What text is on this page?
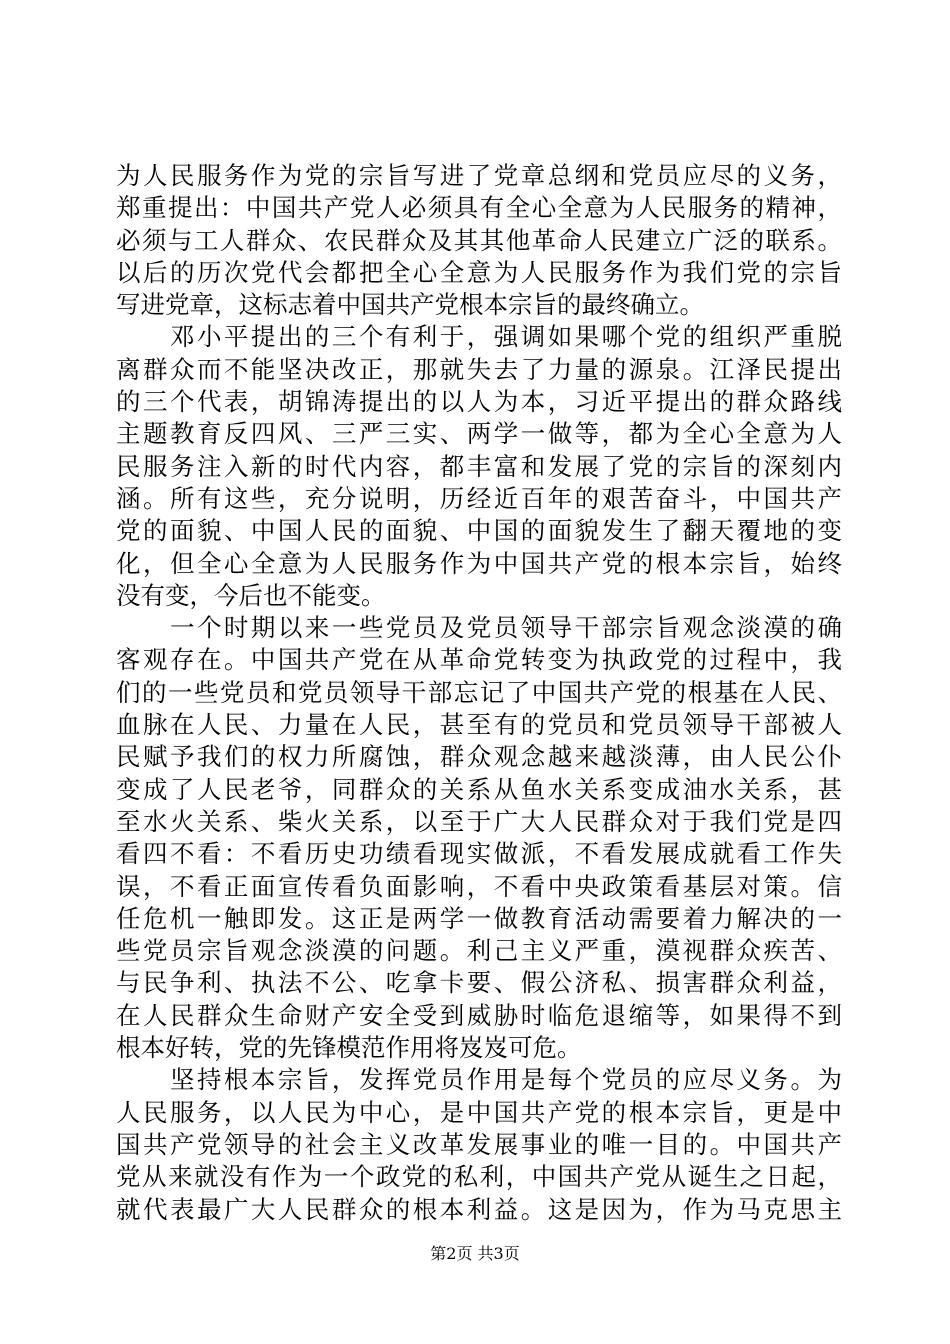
为人民服务作为党的宗旨写进了党章总纲和党员应尽的义务，
郑重提出：中国共产党人必须具有全心全意为人民服务的精神，
必须与工人群众、农民群众及其其他革命人民建立广泛的联系。
以后的历次党代会都把全心全意为人民服务作为我们党的宗旨
写进党章，这标志着中国共产党根本宗旨的最终确立。
　　邓小平提出的三个有利于，强调如果哪个党的组织严重脱
离群众而不能坚决改正，那就失去了力量的源泉。江泽民提出
的三个代表，胡锦涛提出的以人为本，习近平提出的群众路线
主题教育反四风、三严三实、两学一做等，都为全心全意为人
民服务注入新的时代内容，都丰富和发展了党的宗旨的深刻内
涵。所有这些，充分说明，历经近百年的艰苦奋斗，中国共产
党的面貌、中国人民的面貌、中国的面貌发生了翻天覆地的变
化，但全心全意为人民服务作为中国共产党的根本宗旨，始终
没有变，今后也不能变。
　　一个时期以来一些党员及党员领导干部宗旨观念淡漠的确
客观存在。中国共产党在从革命党转变为执政党的过程中，我
们的一些党员和党员领导干部忘记了中国共产党的根基在人民、
血脉在人民、力量在人民，甚至有的党员和党员领导干部被人
民赋予我们的权力所腐蚀，群众观念越来越淡薄，由人民公仆
变成了人民老爷，同群众的关系从鱼水关系变成油水关系，甚
至水火关系、柴火关系，以至于广大人民群众对于我们党是四
看四不看：不看历史功绩看现实做派，不看发展成就看工作失
误，不看正面宣传看负面影响，不看中央政策看基层对策。信
任危机一触即发。这正是两学一做教育活动需要着力解决的一
些党员宗旨观念淡漠的问题。利己主义严重，漠视群众疾苦、
与民争利、执法不公、吃拿卡要、假公济私、损害群众利益，
在人民群众生命财产安全受到威胁时临危退缩等，如果得不到
根本好转，党的先锋模范作用将岌岌可危。
　　坚持根本宗旨，发挥党员作用是每个党员的应尽义务。为
人民服务，以人民为中心，是中国共产党的根本宗旨，更是中
国共产党领导的社会主义改革发展事业的唯一目的。中国共产
党从来就没有作为一个政党的私利，中国共产党从诞生之日起，
就代表最广大人民群众的根本利益。这是因为，作为马克思主
第2页 共3页
